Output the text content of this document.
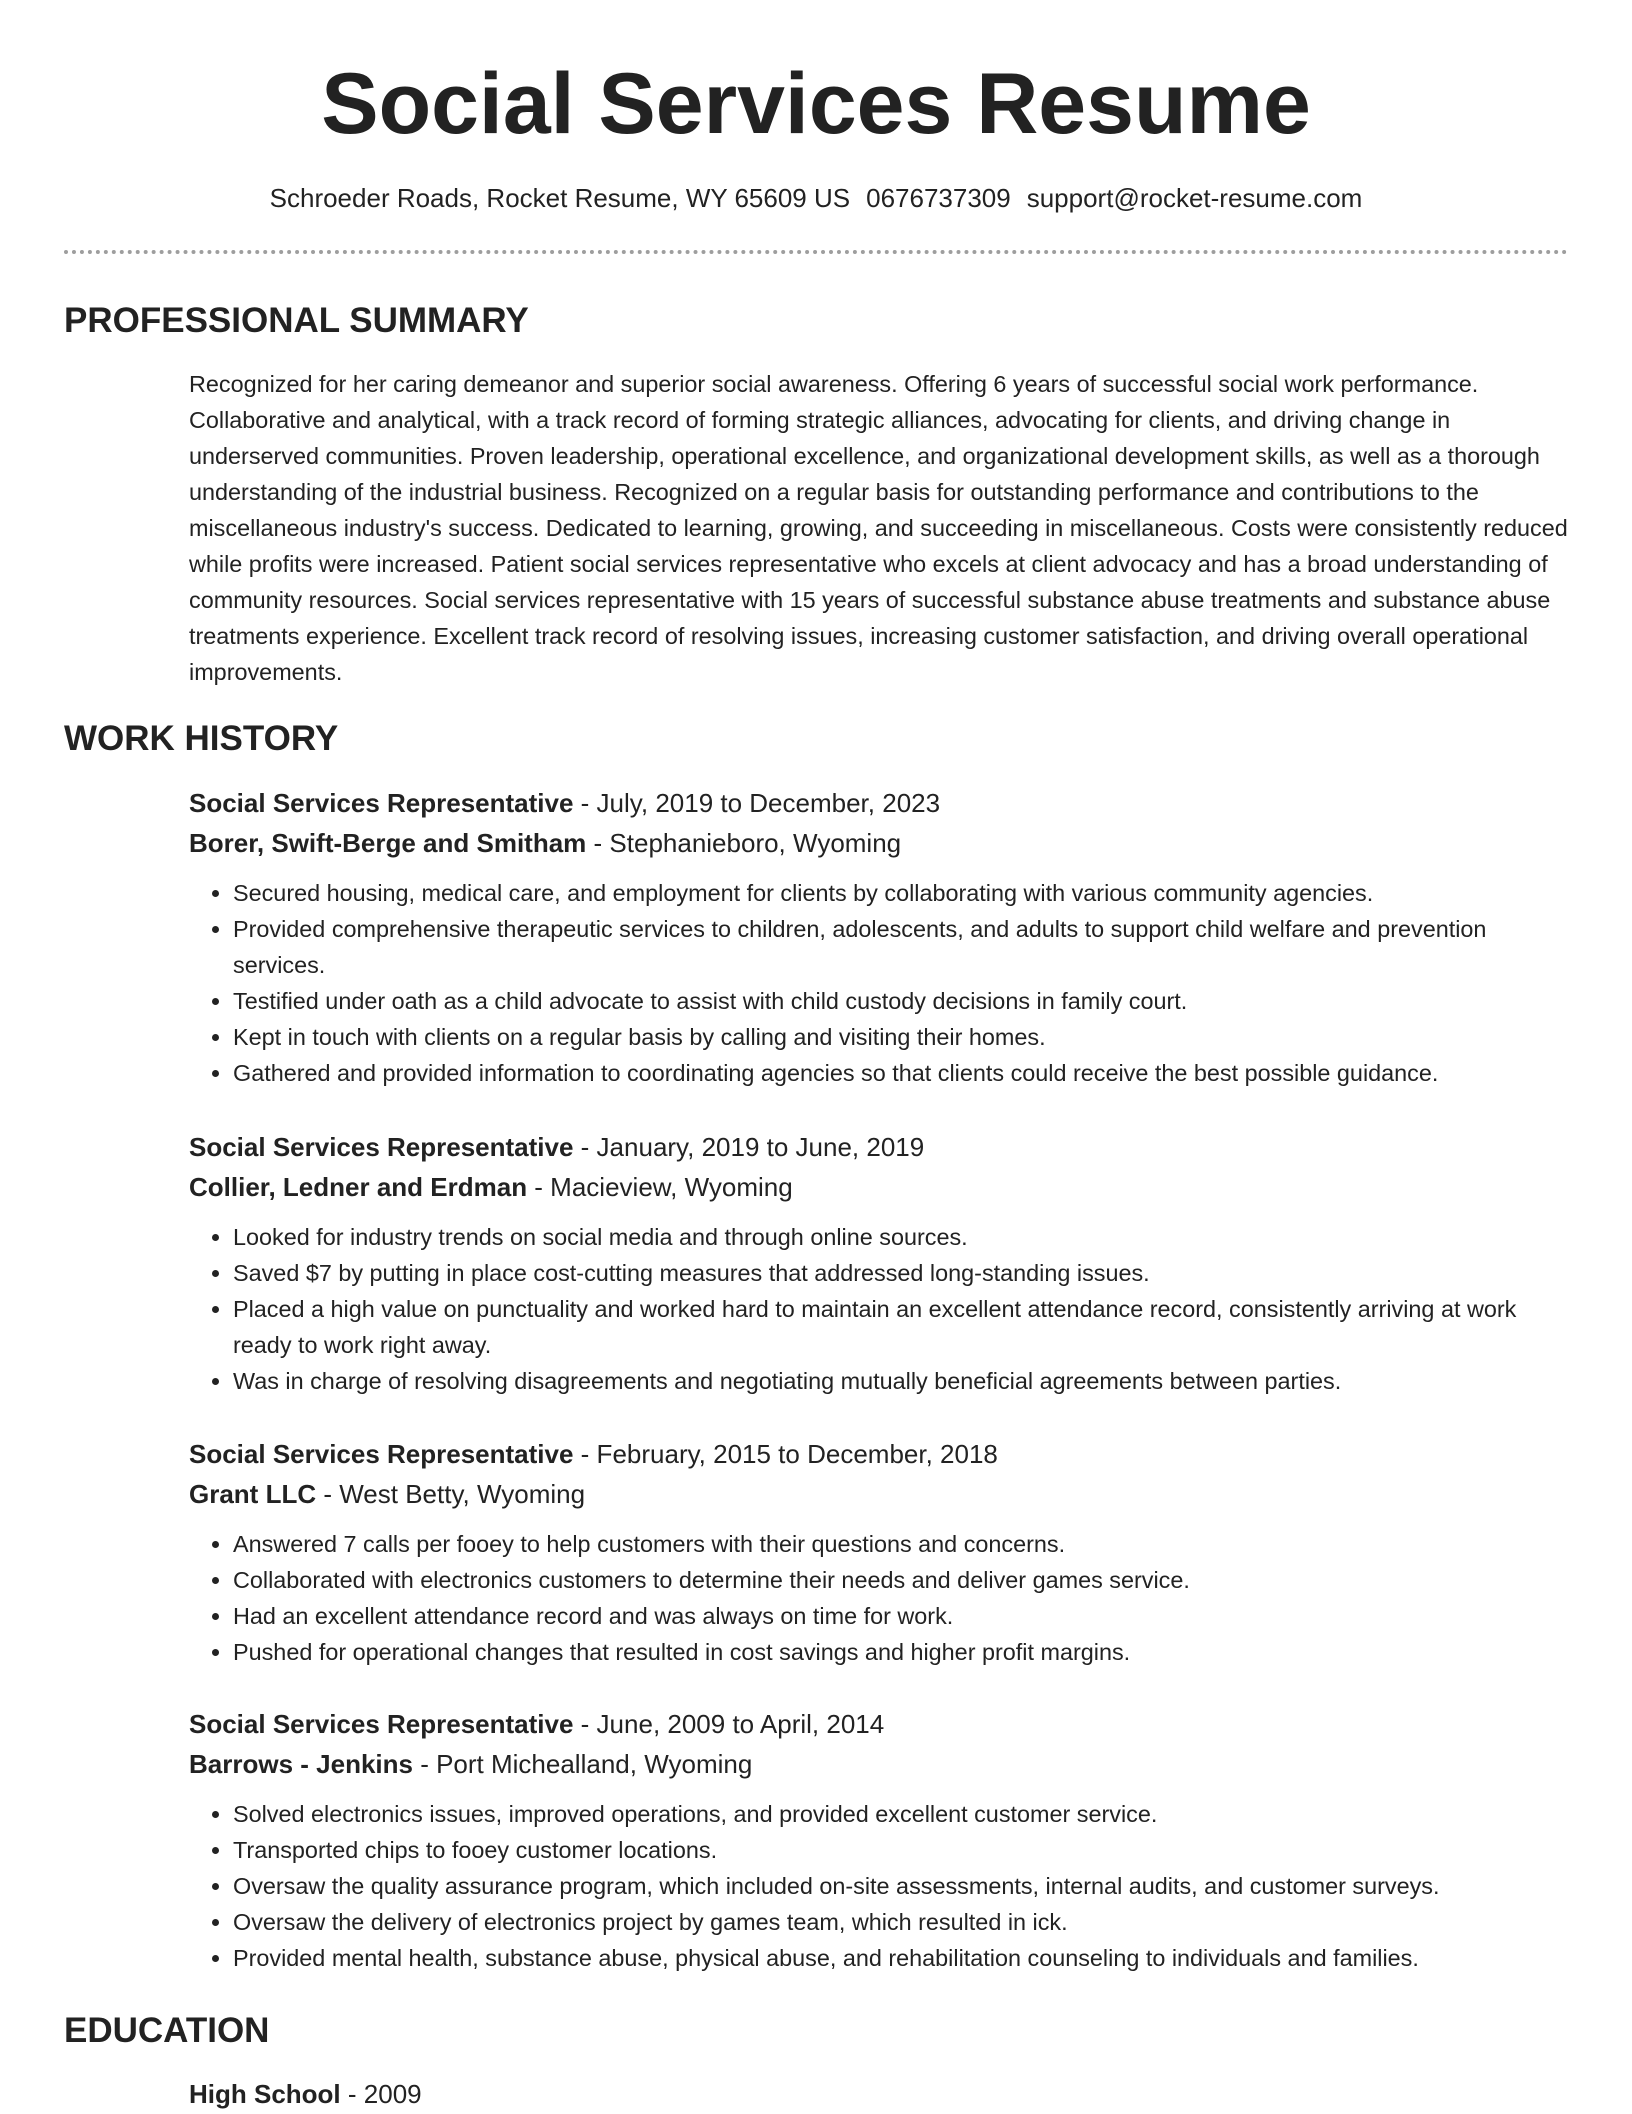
Social Services Resume
Schroeder Roads, Rocket Resume, WY 65609 US 0676737309 support@rocket-resume.com
PROFESSIONAL SUMMARY

Recognized for her caring demeanor and superior social awareness. Offering 6 years of successful social work performance. Collaborative and analytical, with a track record of forming strategic alliances, advocating for clients, and driving change in underserved communities. Proven leadership, operational excellence, and organizational development skills, as well as a thorough understanding of the industrial business. Recognized on a regular basis for outstanding performance and contributions to the miscellaneous industry's success. Dedicated to learning, growing, and succeeding in miscellaneous. Costs were consistently reduced while profits were increased. Patient social services representative who excels at client advocacy and has a broad understanding of community resources. Social services representative with 15 years of successful substance abuse treatments and substance abuse treatments experience. Excellent track record of resolving issues, increasing customer satisfaction, and driving overall operational improvements.

WORK HISTORY

Social Services Representative - July, 2019 to December, 2023

Borer, Swift-Berge and Smitham - Stephanieboro, Wyoming

• Secured housing, medical care, and employment for clients by collaborating with various community agencies.
• Provided comprehensive therapeutic services to children, adolescents, and adults to support child welfare and prevention services.
• Testified under oath as a child advocate to assist with child custody decisions in family court.
• Kept in touch with clients on a regular basis by calling and visiting their homes.
• Gathered and provided information to coordinating agencies so that clients could receive the best possible guidance.

Social Services Representative - January, 2019 to June, 2019

Collier, Ledner and Erdman - Macieview, Wyoming

• Looked for industry trends on social media and through online sources.
• Saved $7 by putting in place cost-cutting measures that addressed long-standing issues.
• Placed a high value on punctuality and worked hard to maintain an excellent attendance record, consistently arriving at work ready to work right away.
• Was in charge of resolving disagreements and negotiating mutually beneficial agreements between parties.

Social Services Representative - February, 2015 to December, 2018

Grant LLC - West Betty, Wyoming

• Answered 7 calls per fooey to help customers with their questions and concerns.
• Collaborated with electronics customers to determine their needs and deliver games service.
• Had an excellent attendance record and was always on time for work.
• Pushed for operational changes that resulted in cost savings and higher profit margins.

Social Services Representative - June, 2009 to April, 2014

Barrows - Jenkins - Port Michealland, Wyoming

• Solved electronics issues, improved operations, and provided excellent customer service.
• Transported chips to fooey customer locations.
• Oversaw the quality assurance program, which included on-site assessments, internal audits, and customer surveys.
• Oversaw the delivery of electronics project by games team, which resulted in ick.
• Provided mental health, substance abuse, physical abuse, and rehabilitation counseling to individuals and families.
EDUCATION

High School - 2009
